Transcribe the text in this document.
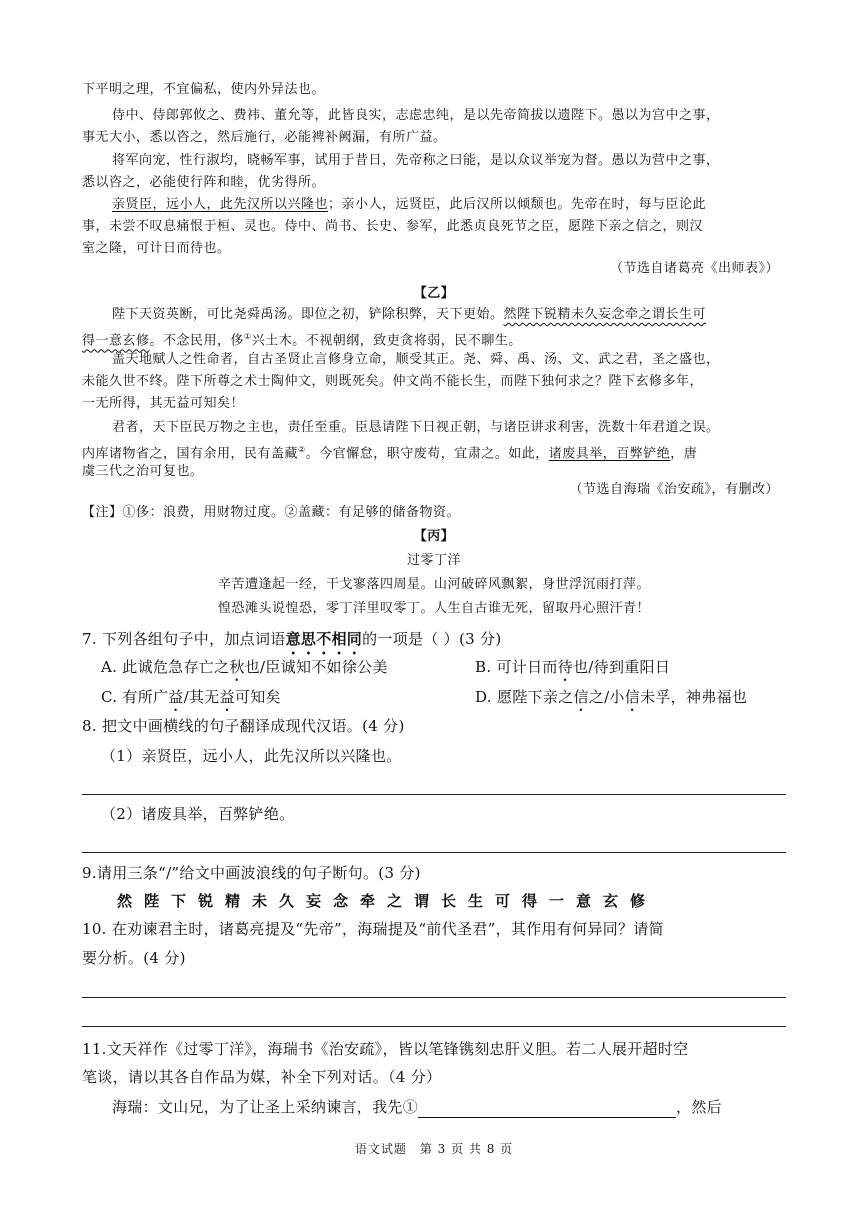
下平明之理，不宜偏私，使内外异法也。
侍中、侍郎郭攸之、费祎、董允等，此皆良实，志虑忠纯，是以先帝简拔以遗陛下。愚以为宫中之事，
事无大小，悉以咨之，然后施行，必能裨补阙漏，有所广益。
将军向宠，性行淑均，晓畅军事，试用于昔日，先帝称之曰能，是以众议举宠为督。愚以为营中之事，
悉以咨之，必能使行阵和睦，优劣得所。
亲贤臣，远小人，此先汉所以兴隆也；亲小人，远贤臣，此后汉所以倾颓也。先帝在时，每与臣论此
事，未尝不叹息痛恨于桓、灵也。侍中、尚书、长史、参军，此悉贞良死节之臣，愿陛下亲之信之，则汉
室之隆，可计日而待也。
（节选自诸葛亮《出师表》）
【乙】
陛下天资英断，可比尧舜禹汤。即位之初，铲除积弊，天下更始。然陛下锐精未久妄念牵之谓长生可
得一意玄修。不念民用，侈①兴土木。不视朝纲，致吏贪将弱，民不聊生。
盖天地赋人之性命者，自古圣贤止言修身立命，顺受其正。尧、舜、禹、汤、文、武之君，圣之盛也，
未能久世不终。陛下所尊之术士陶仲文，则既死矣。仲文尚不能长生，而陛下独何求之？陛下玄修多年，
一无所得，其无益可知矣！
君者，天下臣民万物之主也，责任至重。臣恳请陛下日视正朝，与诸臣讲求利害，洗数十年君道之误。
内库诸物省之，国有余用，民有盖藏②。今官懈怠，职守废苟，宜肃之。如此，诸废具举，百弊铲绝，唐
虞三代之治可复也。
（节选自海瑞《治安疏》，有删改）
【注】①侈：浪费，用财物过度。②盖藏：有足够的储备物资。
【丙】
过零丁洋
辛苦遭逢起一经，干戈寥落四周星。山河破碎风飘絮，身世浮沉雨打萍。
惶恐滩头说惶恐，零丁洋里叹零丁。人生自古谁无死，留取丹心照汗青！
7. 下列各组句子中，加点词语意思不相同的一项是（ ）(3 分)
A. 此诚危急存亡之秋也/臣诚知不如徐公美	B. 可计日而待也/待到重阳日
C. 有所广益/其无益可知矣	D. 愿陛下亲之信之/小信未孚，神弗福也
8. 把文中画横线的句子翻译成现代汉语。(4 分)
（1）亲贤臣，远小人，此先汉所以兴隆也。
（2）诸废具举，百弊铲绝。
9.请用三条“/”给文中画波浪线的句子断句。(3 分)
然陛下锐精未久妄念牵之谓长生可得一意玄修
10. 在劝谏君主时，诸葛亮提及“先帝”，海瑞提及“前代圣君”，其作用有何异同？请简
要分析。(4 分)
11.文天祥作《过零丁洋》，海瑞书《治安疏》，皆以笔锋镌刻忠肝义胆。若二人展开超时空
笔谈，请以其各自作品为媒，补全下列对话。（4 分）
海瑞：文山兄，为了让圣上采纳谏言，我先①	，然后
语文试题　第 3 页 共 8 页
